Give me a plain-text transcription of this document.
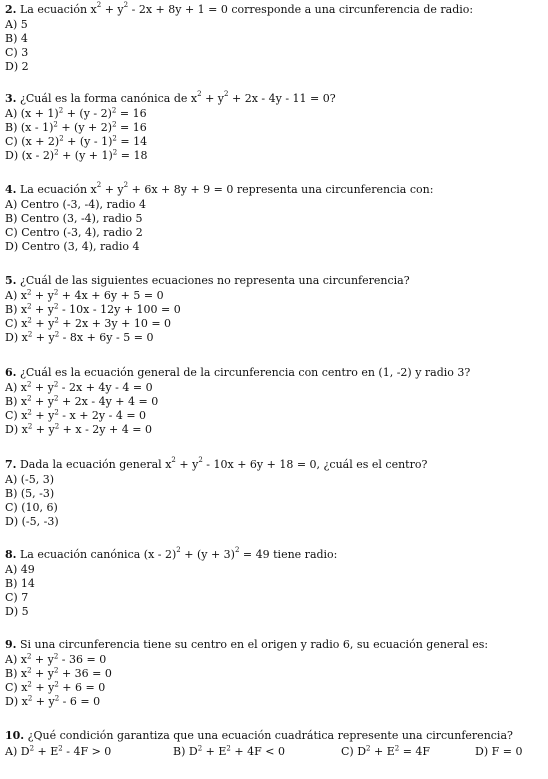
2. La ecuación $x^2 + y^2 - 2x + 8y + 1 = 0$ corresponde a una circunferencia de radio:
A) 5
B) 4
C) 3
D) 2
3. ¿Cuál es la forma canónica de $x^2 + y^2 + 2x - 4y - 11 = 0$?
A) $(x + 1)^2 + (y - 2)^2 = 16$
B) $(x - 1)^2 + (y + 2)^2 = 16$
C) $(x + 2)^2 + (y - 1)^2 = 14$
D) $(x - 2)^2 + (y + 1)^2 = 18$
4. La ecuación $x^2 + y^2 + 6x + 8y + 9 = 0$ representa una circunferencia con:
A) Centro (-3, -4), radio 4
B) Centro (3, -4), radio 5
C) Centro (-3, 4), radio 2
D) Centro (3, 4), radio 4
5. ¿Cuál de las siguientes ecuaciones no representa una circunferencia?
A) $x^2 + y^2 + 4x + 6y + 5 = 0$
B) $x^2 + y^2 - 10x - 12y + 100 = 0$
C) $x^2 + y^2 + 2x + 3y + 10 = 0$
D) $x^2 + y^2 - 8x + 6y - 5 = 0$
6. ¿Cuál es la ecuación general de la circunferencia con centro en (1, -2) y radio 3?
A) $x^2 + y^2 - 2x + 4y - 4 = 0$
B) $x^2 + y^2 + 2x - 4y + 4 = 0$
C) $x^2 + y^2 - x + 2y - 4 = 0$
D) $x^2 + y^2 + x - 2y + 4 = 0$
7. Dada la ecuación general $x^2 + y^2 - 10x + 6y + 18 = 0$, ¿cuál es el centro?
A) (-5, 3)
B) (5, -3)
C) (10, 6)
D) (-5, -3)
8. La ecuación canónica $(x - 2)^2 + (y + 3)^2 = 49$ tiene radio:
A) 49
B) 14
C) 7
D) 5
9. Si una circunferencia tiene su centro en el origen y radio 6, su ecuación general es:
A) $x^2 + y^2 - 36 = 0$
B) $x^2 + y^2 + 36 = 0$
C) $x^2 + y^2 + 6 = 0$
D) $x^2 + y^2 - 6 = 0$
10. ¿Qué condición garantiza que una ecuación cuadrática represente una circunferencia?
A) $D^2 + E^2 - 4F > 0$	B) $D^2 + E^2 + 4F < 0$	C) $D^2 + E^2 = 4F$	D) F = 0
